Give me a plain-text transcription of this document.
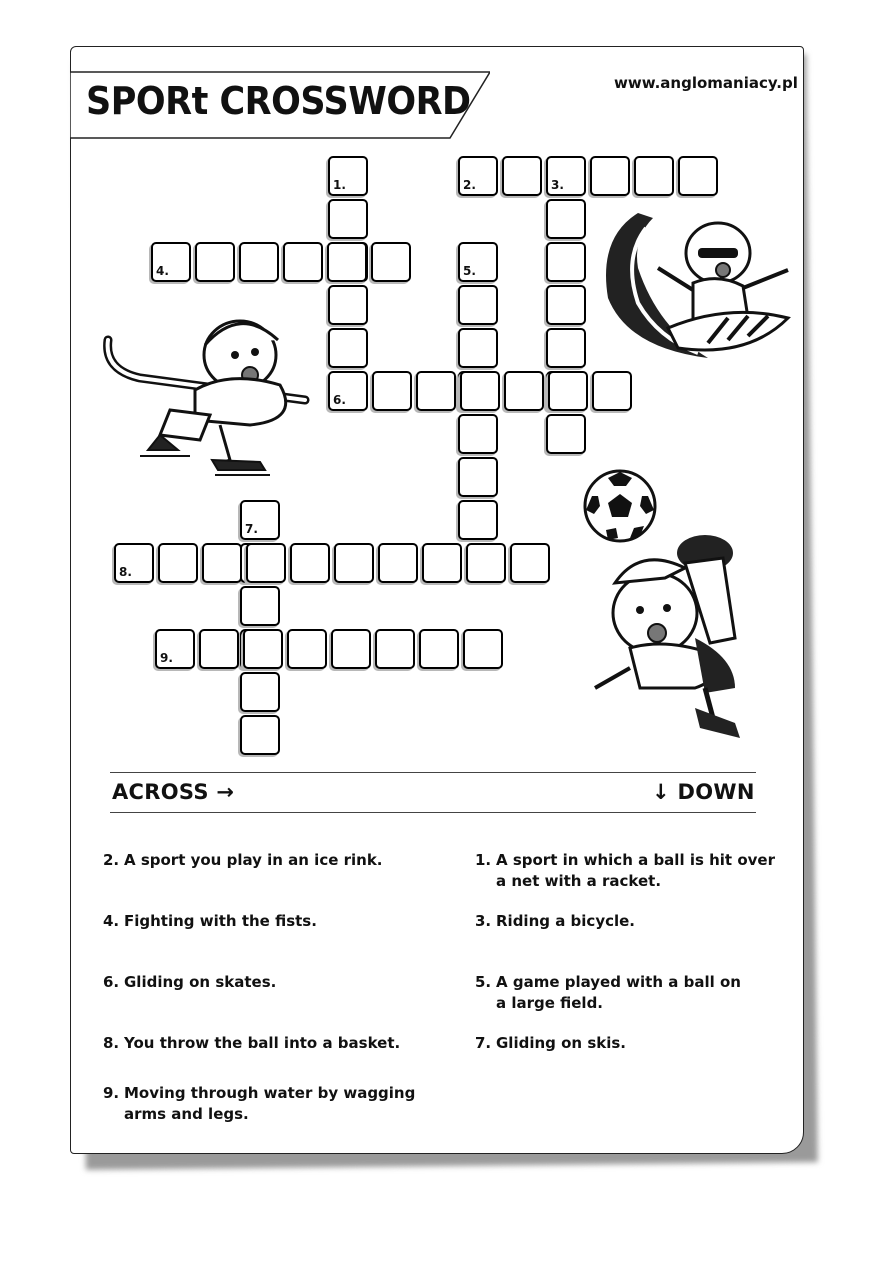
SPORt CROSSWORD	www.anglomaniacy.pl
1.
6.
2.	3.
4.	5.
7.
8.
9.
ACROSS →	↓ DOWN
2. A sport you play in an ice rink.
4. Fighting with the fists.
6. Gliding on skates.
8. You throw the ball into a basket.
9. Moving through water by wagging
arms and legs.
1. A sport in which a ball is hit over
a net with a racket.
3. Riding a bicycle.
5. A game played with a ball on
a large field.
7. Gliding on skis.
